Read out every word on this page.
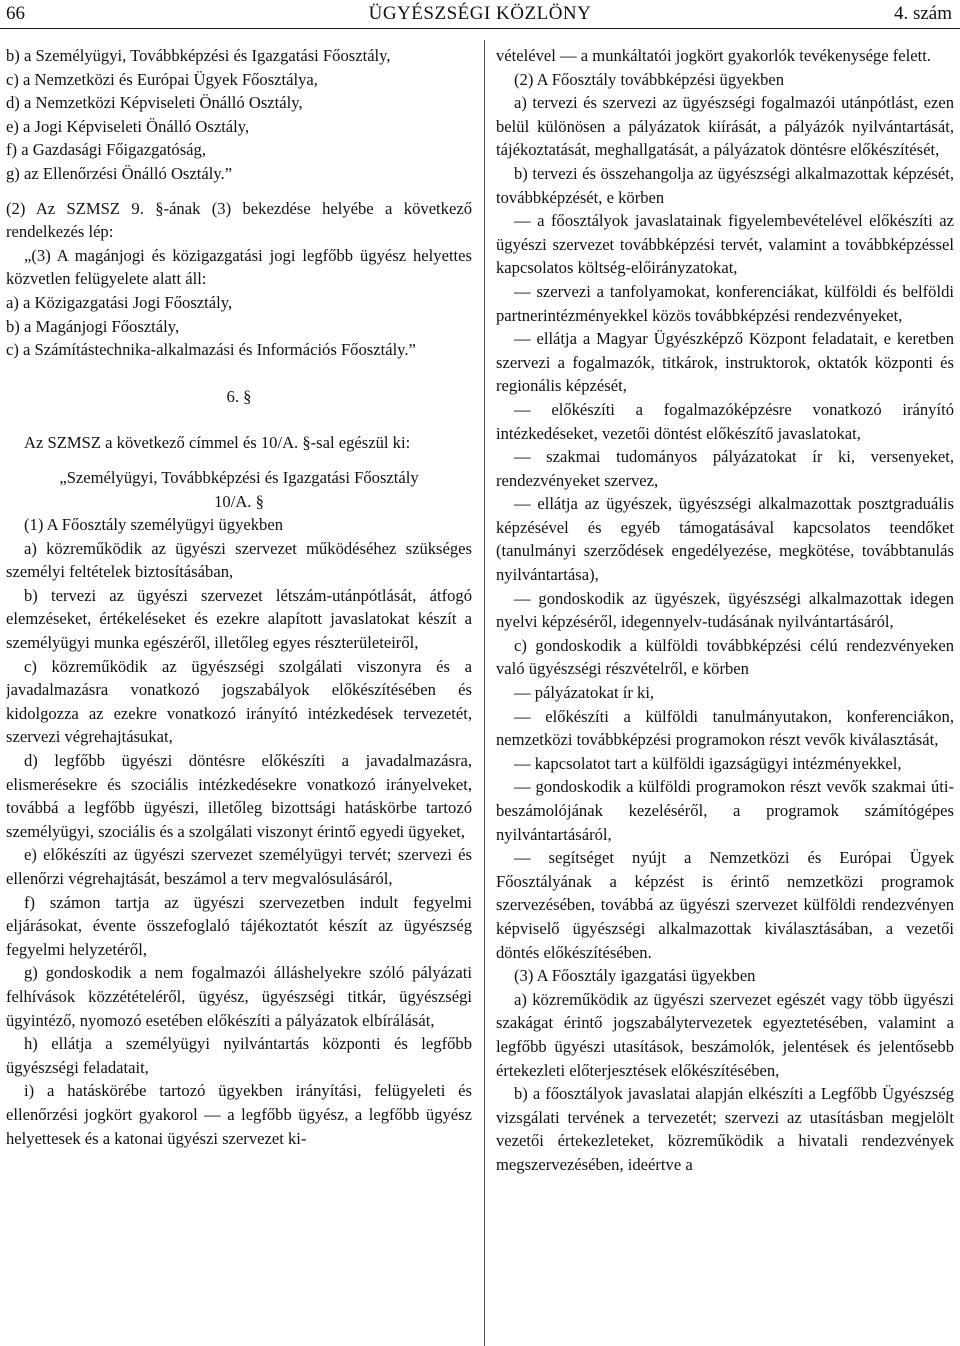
66	ÜGYÉSZSÉGI KÖZLÖNY	4. szám

b) a Személyügyi, Továbbképzési és Igazgatási Főosztály,

c) a Nemzetközi és Európai Ügyek Főosztálya,

d) a Nemzetközi Képviseleti Önálló Osztály,

e) a Jogi Képviseleti Önálló Osztály,

f) a Gazdasági Főigazgatóság,

g) az Ellenőrzési Önálló Osztály.”

(2) Az SZMSZ 9. §-ának (3) bekezdése helyébe a következő rendelkezés lép:

„(3) A magánjogi és közigazgatási jogi legfőbb ügyész helyettes közvetlen felügyelete alatt áll:

a) a Közigazgatási Jogi Főosztály,

b) a Magánjogi Főosztály,

c) a Számítástechnika-alkalmazási és Információs Főosztály.”

6. §

Az SZMSZ a következő címmel és 10/A. §-sal egészül ki:

„Személyügyi, Továbbképzési és Igazgatási Főosztály

10/A. §

(1) A Főosztály személyügyi ügyekben

a) közreműködik az ügyészi szervezet működéséhez szükséges személyi feltételek biztosításában,

b) tervezi az ügyészi szervezet létszám-utánpótlását, átfogó elemzéseket, értékeléseket és ezekre alapított javaslatokat készít a személyügyi munka egészéről, illetőleg egyes részterületeiről,

c) közreműködik az ügyészségi szolgálati viszonyra és a javadalmazásra vonatkozó jogszabályok előkészítésében és kidolgozza az ezekre vonatkozó irányító intézkedések tervezetét, szervezi végrehajtásukat,

d) legfőbb ügyészi döntésre előkészíti a javadalmazásra, elismerésekre és szociális intézkedésekre vonatkozó irányelveket, továbbá a legfőbb ügyészi, illetőleg bizottsági hatáskörbe tartozó személyügyi, szociális és a szolgálati viszonyt érintő egyedi ügyeket,

e) előkészíti az ügyészi szervezet személyügyi tervét; szervezi és ellenőrzi végrehajtását, beszámol a terv megvalósulásáról,

f) számon tartja az ügyészi szervezetben indult fegyelmi eljárásokat, évente összefoglaló tájékoztatót készít az ügyészség fegyelmi helyzetéről,

g) gondoskodik a nem fogalmazói álláshelyekre szóló pályázati felhívások közzétételéről, ügyész, ügyészségi titkár, ügyészségi ügyintéző, nyomozó esetében előkészíti a pályázatok elbírálását,

h) ellátja a személyügyi nyilvántartás központi és legfőbb ügyészségi feladatait,

i) a hatáskörébe tartozó ügyekben irányítási, felügyeleti és ellenőrzési jogkört gyakorol — a legfőbb ügyész, a legfőbb ügyész helyettesek és a katonai ügyészi szervezet ki-

vételével — a munkáltatói jogkört gyakorlók tevékenysége felett.

(2) A Főosztály továbbképzési ügyekben

a) tervezi és szervezi az ügyészségi fogalmazói utánpótlást, ezen belül különösen a pályázatok kiírását, a pályázók nyilvántartását, tájékoztatását, meghallgatását, a pályázatok döntésre előkészítését,

b) tervezi és összehangolja az ügyészségi alkalmazottak képzését, továbbképzését, e körben

— a főosztályok javaslatainak figyelembevételével előkészíti az ügyészi szervezet továbbképzési tervét, valamint a továbbképzéssel kapcsolatos költség-előirányzatokat,

— szervezi a tanfolyamokat, konferenciákat, külföldi és belföldi partnerintézményekkel közös továbbképzési rendezvényeket,

— ellátja a Magyar Ügyészképző Központ feladatait, e keretben szervezi a fogalmazók, titkárok, instruktorok, oktatók központi és regionális képzését,

— előkészíti a fogalmazóképzésre vonatkozó irányító intézkedéseket, vezetői döntést előkészítő javaslatokat,

— szakmai tudományos pályázatokat ír ki, versenyeket, rendezvényeket szervez,

— ellátja az ügyészek, ügyészségi alkalmazottak posztgraduális képzésével és egyéb támogatásával kapcsolatos teendőket (tanulmányi szerződések engedélyezése, megkötése, továbbtanulás nyilvántartása),

— gondoskodik az ügyészek, ügyészségi alkalmazottak idegen nyelvi képzéséről, idegennyelv-tudásának nyilvántartásáról,

c) gondoskodik a külföldi továbbképzési célú rendezvényeken való ügyészségi részvételről, e körben

— pályázatokat ír ki,

— előkészíti a külföldi tanulmányutakon, konferenciákon, nemzetközi továbbképzési programokon részt vevők kiválasztását,

— kapcsolatot tart a külföldi igazságügyi intézményekkel,

— gondoskodik a külföldi programokon részt vevők szakmai úti-beszámolójának kezeléséről, a programok számítógépes nyilvántartásáról,

— segítséget nyújt a Nemzetközi és Európai Ügyek Főosztályának a képzést is érintő nemzetközi programok szervezésében, továbbá az ügyészi szervezet külföldi rendezvényen képviselő ügyészségi alkalmazottak kiválasztásában, a vezetői döntés előkészítésében.

(3) A Főosztály igazgatási ügyekben

a) közreműködik az ügyészi szervezet egészét vagy több ügyészi szakágat érintő jogszabálytervezetek egyeztetésében, valamint a legfőbb ügyészi utasítások, beszámolók, jelentések és jelentősebb értekezleti előterjesztések előkészítésében,

b) a főosztályok javaslatai alapján elkészíti a Legfőbb Ügyészség vizsgálati tervének a tervezetét; szervezi az utasításban megjelölt vezetői értekezleteket, közreműködik a hivatali rendezvények megszervezésében, ideértve a
